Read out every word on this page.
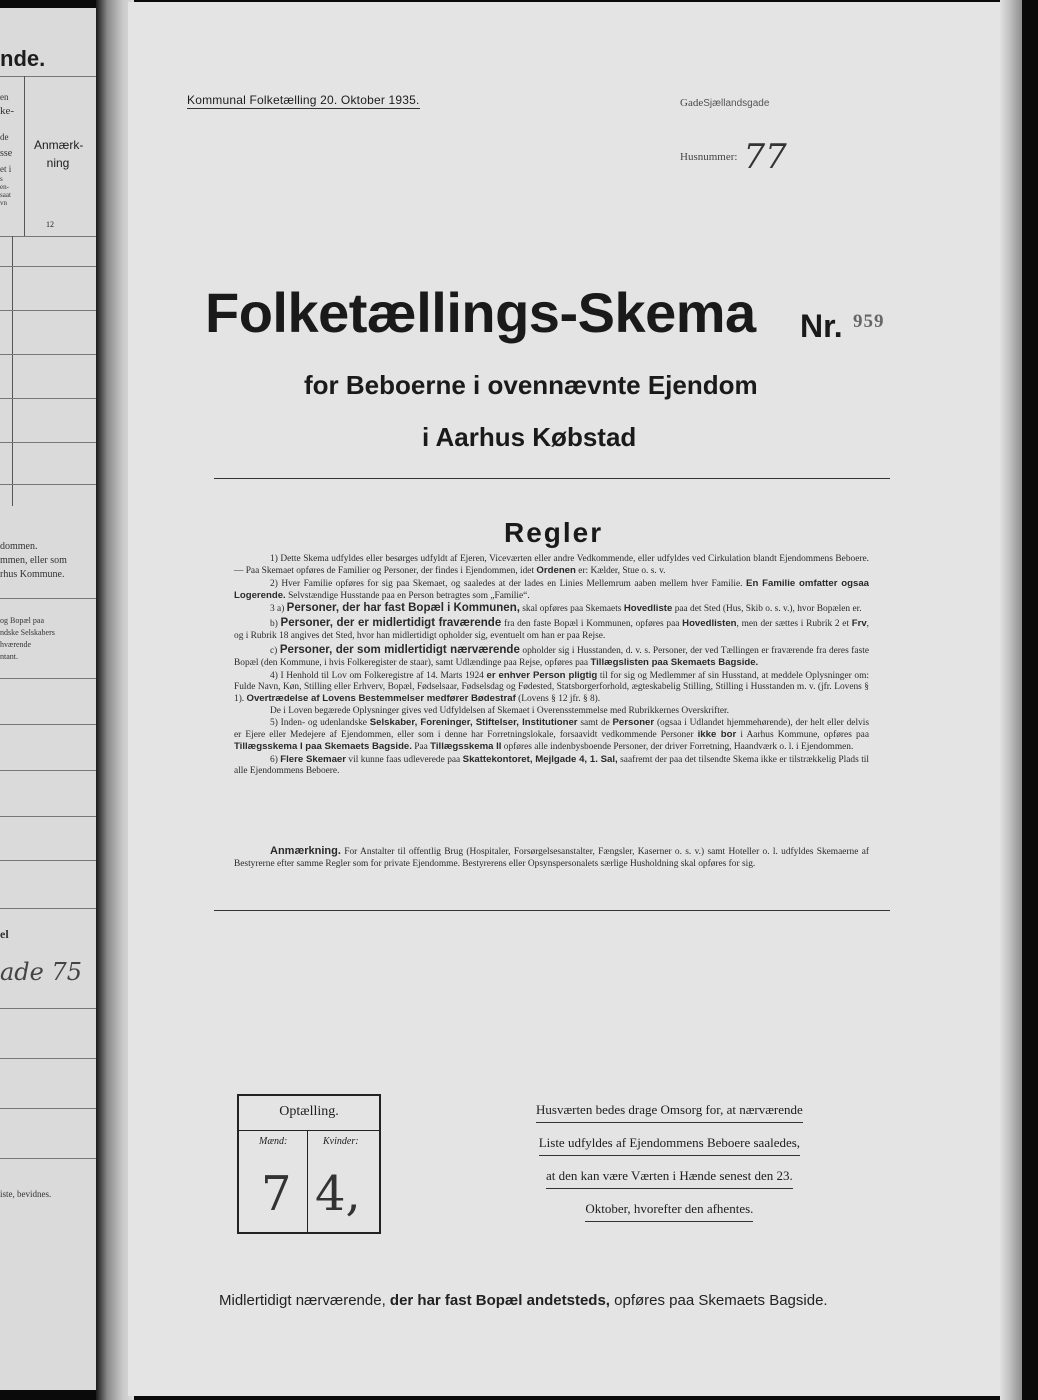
nde.
en
ke-
de
sse
et i
s
en-
saat
vn
Anmærk-
ning
12
dommen.
mmen, eller som
rhus Kommune.
og Bopæl paa
ndske Selskabers
hværende
ntant.
el
ade 75
iste, bevidnes.
Kommunal Folketælling 20. Oktober 1935.	Gade Sjællandsgade
Husnummer: 77
Folketællings-Skema Nr. 959
for Beboerne i ovennævnte Ejendom
i Aarhus Købstad
Regler

1) Dette Skema udfyldes eller besørges udfyldt af Ejeren, Viceværten eller andre Vedkommende, eller udfyldes ved Cirkulation blandt Ejendommens Beboere. — Paa Skemaet opføres de Familier og Personer, der findes i Ejendommen, idet Ordenen er: Kælder, Stue o. s. v.

2) Hver Familie opføres for sig paa Skemaet, og saaledes at der lades en Linies Mellemrum aaben mellem hver Familie. En Familie omfatter ogsaa Logerende. Selvstændige Husstande paa en Person betragtes som „Familie“.

3 a) Personer, der har fast Bopæl i Kommunen, skal opføres paa Skemaets Hovedliste paa det Sted (Hus, Skib o. s. v.), hvor Bopælen er.

b) Personer, der er midlertidigt fraværende fra den faste Bopæl i Kommunen, opføres paa Hovedlisten, men der sættes i Rubrik 2 et Frv, og i Rubrik 18 angives det Sted, hvor han midlertidigt opholder sig, eventuelt om han er paa Rejse.

c) Personer, der som midlertidigt nærværende opholder sig i Husstanden, d. v. s. Personer, der ved Tællingen er fraværende fra deres faste Bopæl (den Kommune, i hvis Folkeregister de staar), samt Udlændinge paa Rejse, opføres paa Tillægslisten paa Skemaets Bagside.

4) I Henhold til Lov om Folkeregistre af 14. Marts 1924 er enhver Person pligtig til for sig og Medlemmer af sin Husstand, at meddele Oplysninger om: Fulde Navn, Køn, Stilling eller Erhverv, Bopæl, Fødselsaar, Fødselsdag og Fødested, Statsborgerforhold, ægteskabelig Stilling, Stilling i Husstanden m. v. (jfr. Lovens § 1). Overtrædelse af Lovens Bestemmelser medfører Bødestraf (Lovens § 12 jfr. § 8).

De i Loven begærede Oplysninger gives ved Udfyldelsen af Skemaet i Overensstemmelse med Rubrikkernes Overskrifter.

5) Inden- og udenlandske Selskaber, Foreninger, Stiftelser, Institutioner samt de Personer (ogsaa i Udlandet hjemmehørende), der helt eller delvis er Ejere eller Medejere af Ejendommen, eller som i denne har Forretningslokale, forsaavidt vedkommende Personer ikke bor i Aarhus Kommune, opføres paa Tillægsskema I paa Skemaets Bagside. Paa Tillægsskema II opføres alle indenbysboende Personer, der driver Forretning, Haandværk o. l. i Ejendommen.

6) Flere Skemaer vil kunne faas udleverede paa Skattekontoret, Mejlgade 4, 1. Sal, saafremt der paa det tilsendte Skema ikke er tilstrækkelig Plads til alle Ejendommens Beboere.

Anmærkning. For Anstalter til offentlig Brug (Hospitaler, Forsørgelsesanstalter, Fængsler, Kaserner o. s. v.) samt Hoteller o. l. udfyldes Skemaerne af Bestyrerne efter samme Regler som for private Ejendomme. Bestyrerens eller Opsynspersonalets særlige Husholdning skal opføres for sig.

Optælling.
Mænd:	Kvinder:
7 4,
Husværten bedes drage Omsorg for, at nærværende
Liste udfyldes af Ejendommens Beboere saaledes,
at den kan være Værten i Hænde senest den 23.
Oktober, hvorefter den afhentes.
Midlertidigt nærværende, der har fast Bopæl andetsteds, opføres paa Skemaets Bagside.
